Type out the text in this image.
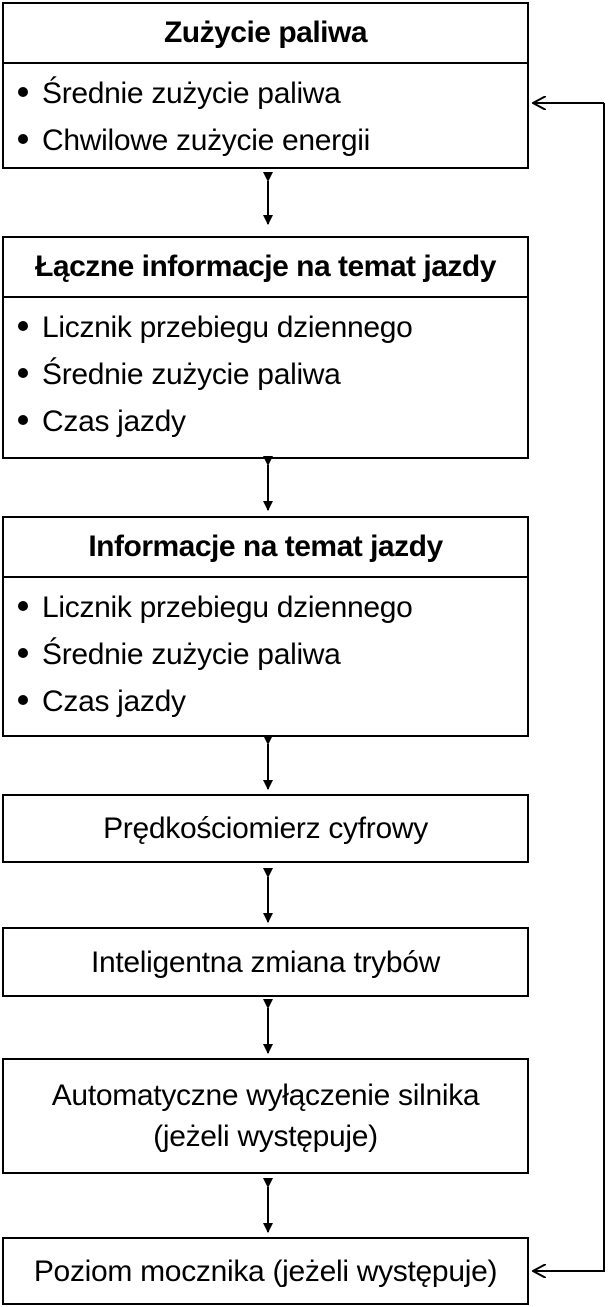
Zużycie paliwa
Średnie zużycie paliwa
Chwilowe zużycie energii
Łączne informacje na temat jazdy
Licznik przebiegu dziennego
Średnie zużycie paliwa
Czas jazdy
Informacje na temat jazdy
Licznik przebiegu dziennego
Średnie zużycie paliwa
Czas jazdy
Prędkościomierz cyfrowy
Inteligentna zmiana trybów
Automatyczne wyłączenie silnika
(jeżeli występuje)
Poziom mocznika (jeżeli występuje)
